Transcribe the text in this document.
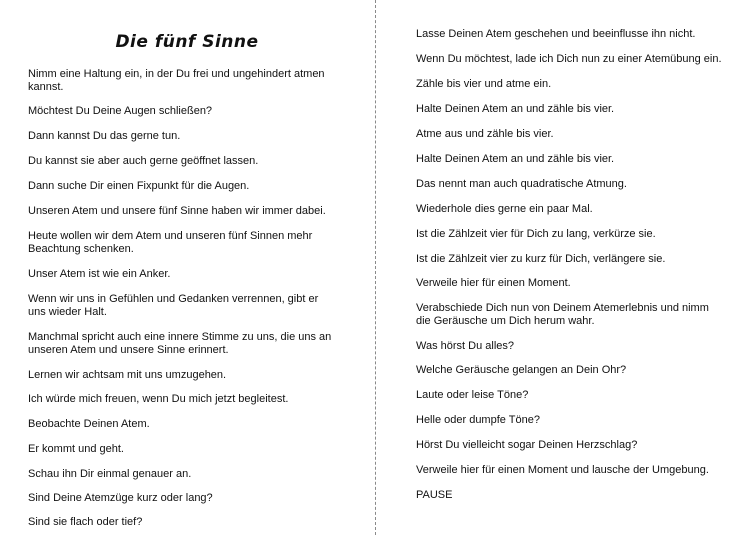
Die fünf Sinne
Nimm eine Haltung ein, in der Du frei und ungehindert atmen
kannst.
Möchtest Du Deine Augen schließen?
Dann kannst Du das gerne tun.
Du kannst sie aber auch gerne geöffnet lassen.
Dann suche Dir einen Fixpunkt für die Augen.
Unseren Atem und unsere fünf Sinne haben wir immer dabei.
Heute wollen wir dem Atem und unseren fünf Sinnen mehr
Beachtung schenken.
Unser Atem ist wie ein Anker.
Wenn wir uns in Gefühlen und Gedanken verrennen, gibt er
uns wieder Halt.
Manchmal spricht auch eine innere Stimme zu uns, die uns an
unseren Atem und unsere Sinne erinnert.
Lernen wir achtsam mit uns umzugehen.
Ich würde mich freuen, wenn Du mich jetzt begleitest.
Beobachte Deinen Atem.
Er kommt und geht.
Schau ihn Dir einmal genauer an.
Sind Deine Atemzüge kurz oder lang?
Sind sie flach oder tief?
Lasse Deinen Atem geschehen und beeinflusse ihn nicht.
Wenn Du möchtest, lade ich Dich nun zu einer Atemübung ein.
Zähle bis vier und atme ein.
Halte Deinen Atem an und zähle bis vier.
Atme aus und zähle bis vier.
Halte Deinen Atem an und zähle bis vier.
Das nennt man auch quadratische Atmung.
Wiederhole dies gerne ein paar Mal.
Ist die Zählzeit vier für Dich zu lang, verkürze sie.
Ist die Zählzeit vier zu kurz für Dich, verlängere sie.
Verweile hier für einen Moment.
Verabschiede Dich nun von Deinem Atemerlebnis und nimm
die Geräusche um Dich herum wahr.
Was hörst Du alles?
Welche Geräusche gelangen an Dein Ohr?
Laute oder leise Töne?
Helle oder dumpfe Töne?
Hörst Du vielleicht sogar Deinen Herzschlag?
Verweile hier für einen Moment und lausche der Umgebung.
PAUSE
